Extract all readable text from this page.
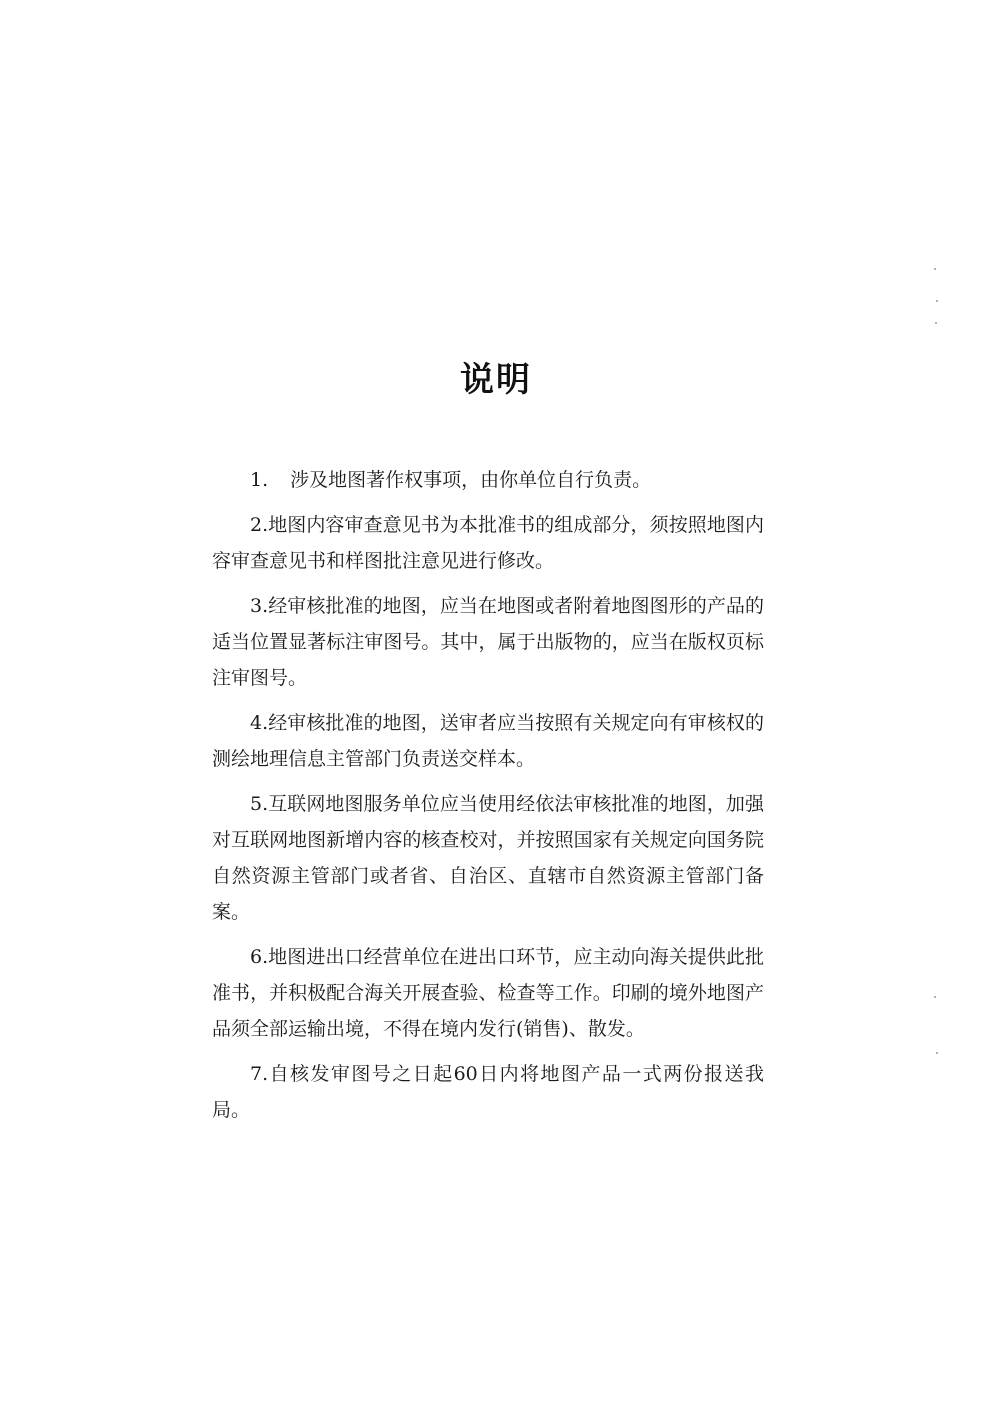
说明

1. 涉及地图著作权事项，由你单位自行负责。

2.地图内容审查意见书为本批准书的组成部分，须按照地图内容审查意见书和样图批注意见进行修改。

3.经审核批准的地图，应当在地图或者附着地图图形的产品的适当位置显著标注审图号。其中，属于出版物的，应当在版权页标注审图号。

4.经审核批准的地图，送审者应当按照有关规定向有审核权的测绘地理信息主管部门负责送交样本。

5.互联网地图服务单位应当使用经依法审核批准的地图，加强对互联网地图新增内容的核查校对，并按照国家有关规定向国务院自然资源主管部门或者省、自治区、直辖市自然资源主管部门备案。

6.地图进出口经营单位在进出口环节，应主动向海关提供此批准书，并积极配合海关开展查验、检查等工作。印刷的境外地图产品须全部运输出境，不得在境内发行(销售)、散发。

7.自核发审图号之日起60日内将地图产品一式两份报送我局。
